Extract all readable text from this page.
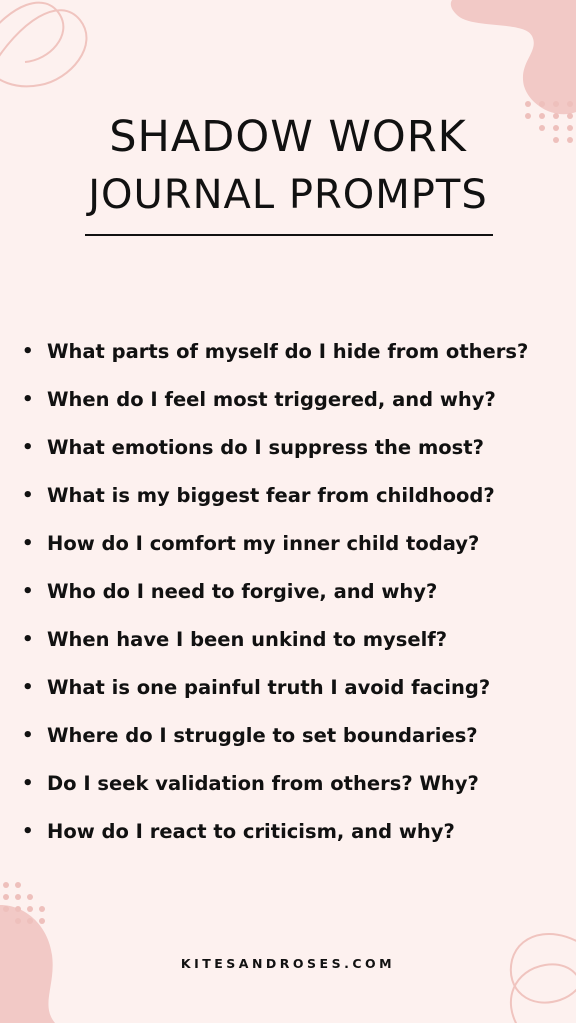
SHADOW WORK
JOURNAL PROMPTS
• What parts of myself do I hide from others?
• When do I feel most triggered, and why?
• What emotions do I suppress the most?
• What is my biggest fear from childhood?
• How do I comfort my inner child today?
• Who do I need to forgive, and why?
• When have I been unkind to myself?
• What is one painful truth I avoid facing?
• Where do I struggle to set boundaries?
• Do I seek validation from others? Why?
• How do I react to criticism, and why?
KITESANDROSES.COM
